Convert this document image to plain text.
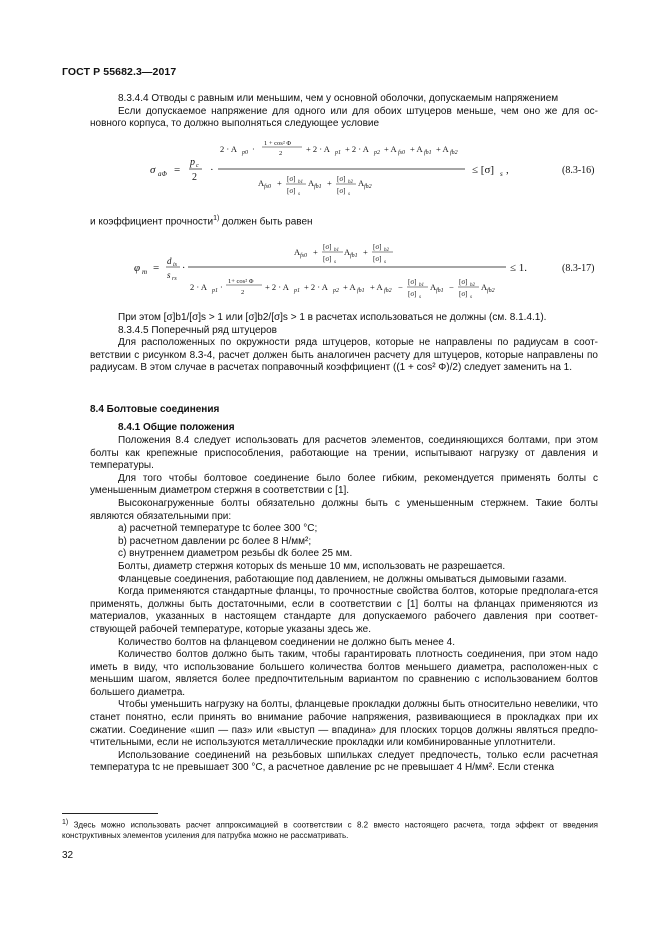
ГОСТ Р 55682.3—2017

8.3.4.4 Отводы с равным или меньшим, чем у основной оболочки, допускаемым напряжением

Если допускаемое напряжение для одного или для обоих штуцеров меньше, чем оно же для ос-новного корпуса, то должно выполняться следующее условие

σ аΦ =
p c
2
·
2 · A p0 ·
1 + cos² Φ
2	+ 2 · A p1 + 2 · A p2 + A fs0 + A fb1 + A fb2
A fs0 + [σ] b1
[σ] s
A fb1 + [σ] b2
[σ] s
A fb2
≤ [σ] s ,	(8.3-16)
и коэффициент прочности$^{1)}$ должен быть равен
φ m =
d is
s rs
·
A fs0 + [σ] b1
[σ] s
A fb1 + [σ] b2
[σ] s
2 · A p1 ·
1+ cos² Φ
2
+ 2 · A p1 + 2 · A p2 + A fb1 + A fb2 − [σ] b1
[σ] s
A fb1 − [σ] b2
[σ] s
A fb2
≤ 1.	(8.3-17)

При этом [σ]b1/[σ]s > 1 или [σ]b2/[σ]s > 1 в расчетах использоваться не должны (см. 8.1.4.1).

8.3.4.5 Поперечный ряд штуцеров

Для расположенных по окружности ряда штуцеров, которые не направлены по радиусам в соот-ветствии с рисунком 8.3-4, расчет должен быть аналогичен расчету для штуцеров, которые направлены по радиусам. В этом случае в расчетах поправочный коэффициент ((1 + cos² Φ)/2) следует заменить на 1.

8.4 Болтовые соединения
8.4.1 Общие положения

Положения 8.4 следует использовать для расчетов элементов, соединяющихся болтами, при этом болты как крепежные приспособления, работающие на трении, испытывают нагрузку от давления и температуры.

Для того чтобы болтовое соединение было более гибким, рекомендуется применять болты с уменьшенным диаметром стержня в соответствии с [1].

Высоконагруженные болты обязательно должны быть с уменьшенным стержнем. Такие болты являются обязательными при:

a) расчетной температуре tc более 300 °С;

b) расчетном давлении pc более 8 Н/мм²;

c) внутреннем диаметром резьбы dk более 25 мм.

Болты, диаметр стержня которых ds меньше 10 мм, использовать не разрешается.

Фланцевые соединения, работающие под давлением, не должны омываться дымовыми газами.

Когда применяются стандартные фланцы, то прочностные свойства болтов, которые предполага-ется применять, должны быть достаточными, если в соответствии с [1] болты на фланцах применяются из материалов, указанных в настоящем стандарте для допускаемого рабочего давления при соответ-ствующей рабочей температуре, которые указаны здесь же.

Количество болтов на фланцевом соединении не должно быть менее 4.

Количество болтов должно быть таким, чтобы гарантировать плотность соединения, при этом надо иметь в виду, что использование большего количества болтов меньшего диаметра, расположен-ных с меньшим шагом, является более предпочтительным вариантом по сравнению с использованием болтов большего диаметра.

Чтобы уменьшить нагрузку на болты, фланцевые прокладки должны быть относительно невелики, что станет понятно, если принять во внимание рабочие напряжения, развивающиеся в прокладках при их сжатии. Соединение «шип — паз» или «выступ — впадина» для плоских торцов должны являться предпо-чтительными, если не используются металлические прокладки или комбинированные уплотнители.

Использование соединений на резьбовых шпильках следует предпочесть, только если расчетная температура tc не превышает 300 °С, а расчетное давление pc не превышает 4 Н/мм². Если стенка

$^{1)}$ Здесь можно использовать расчет аппроксимацией в соответствии с 8.2 вместо настоящего расчета, тогда эффект от введения конструктивных элементов усиления для патрубка можно не рассматривать.
32
